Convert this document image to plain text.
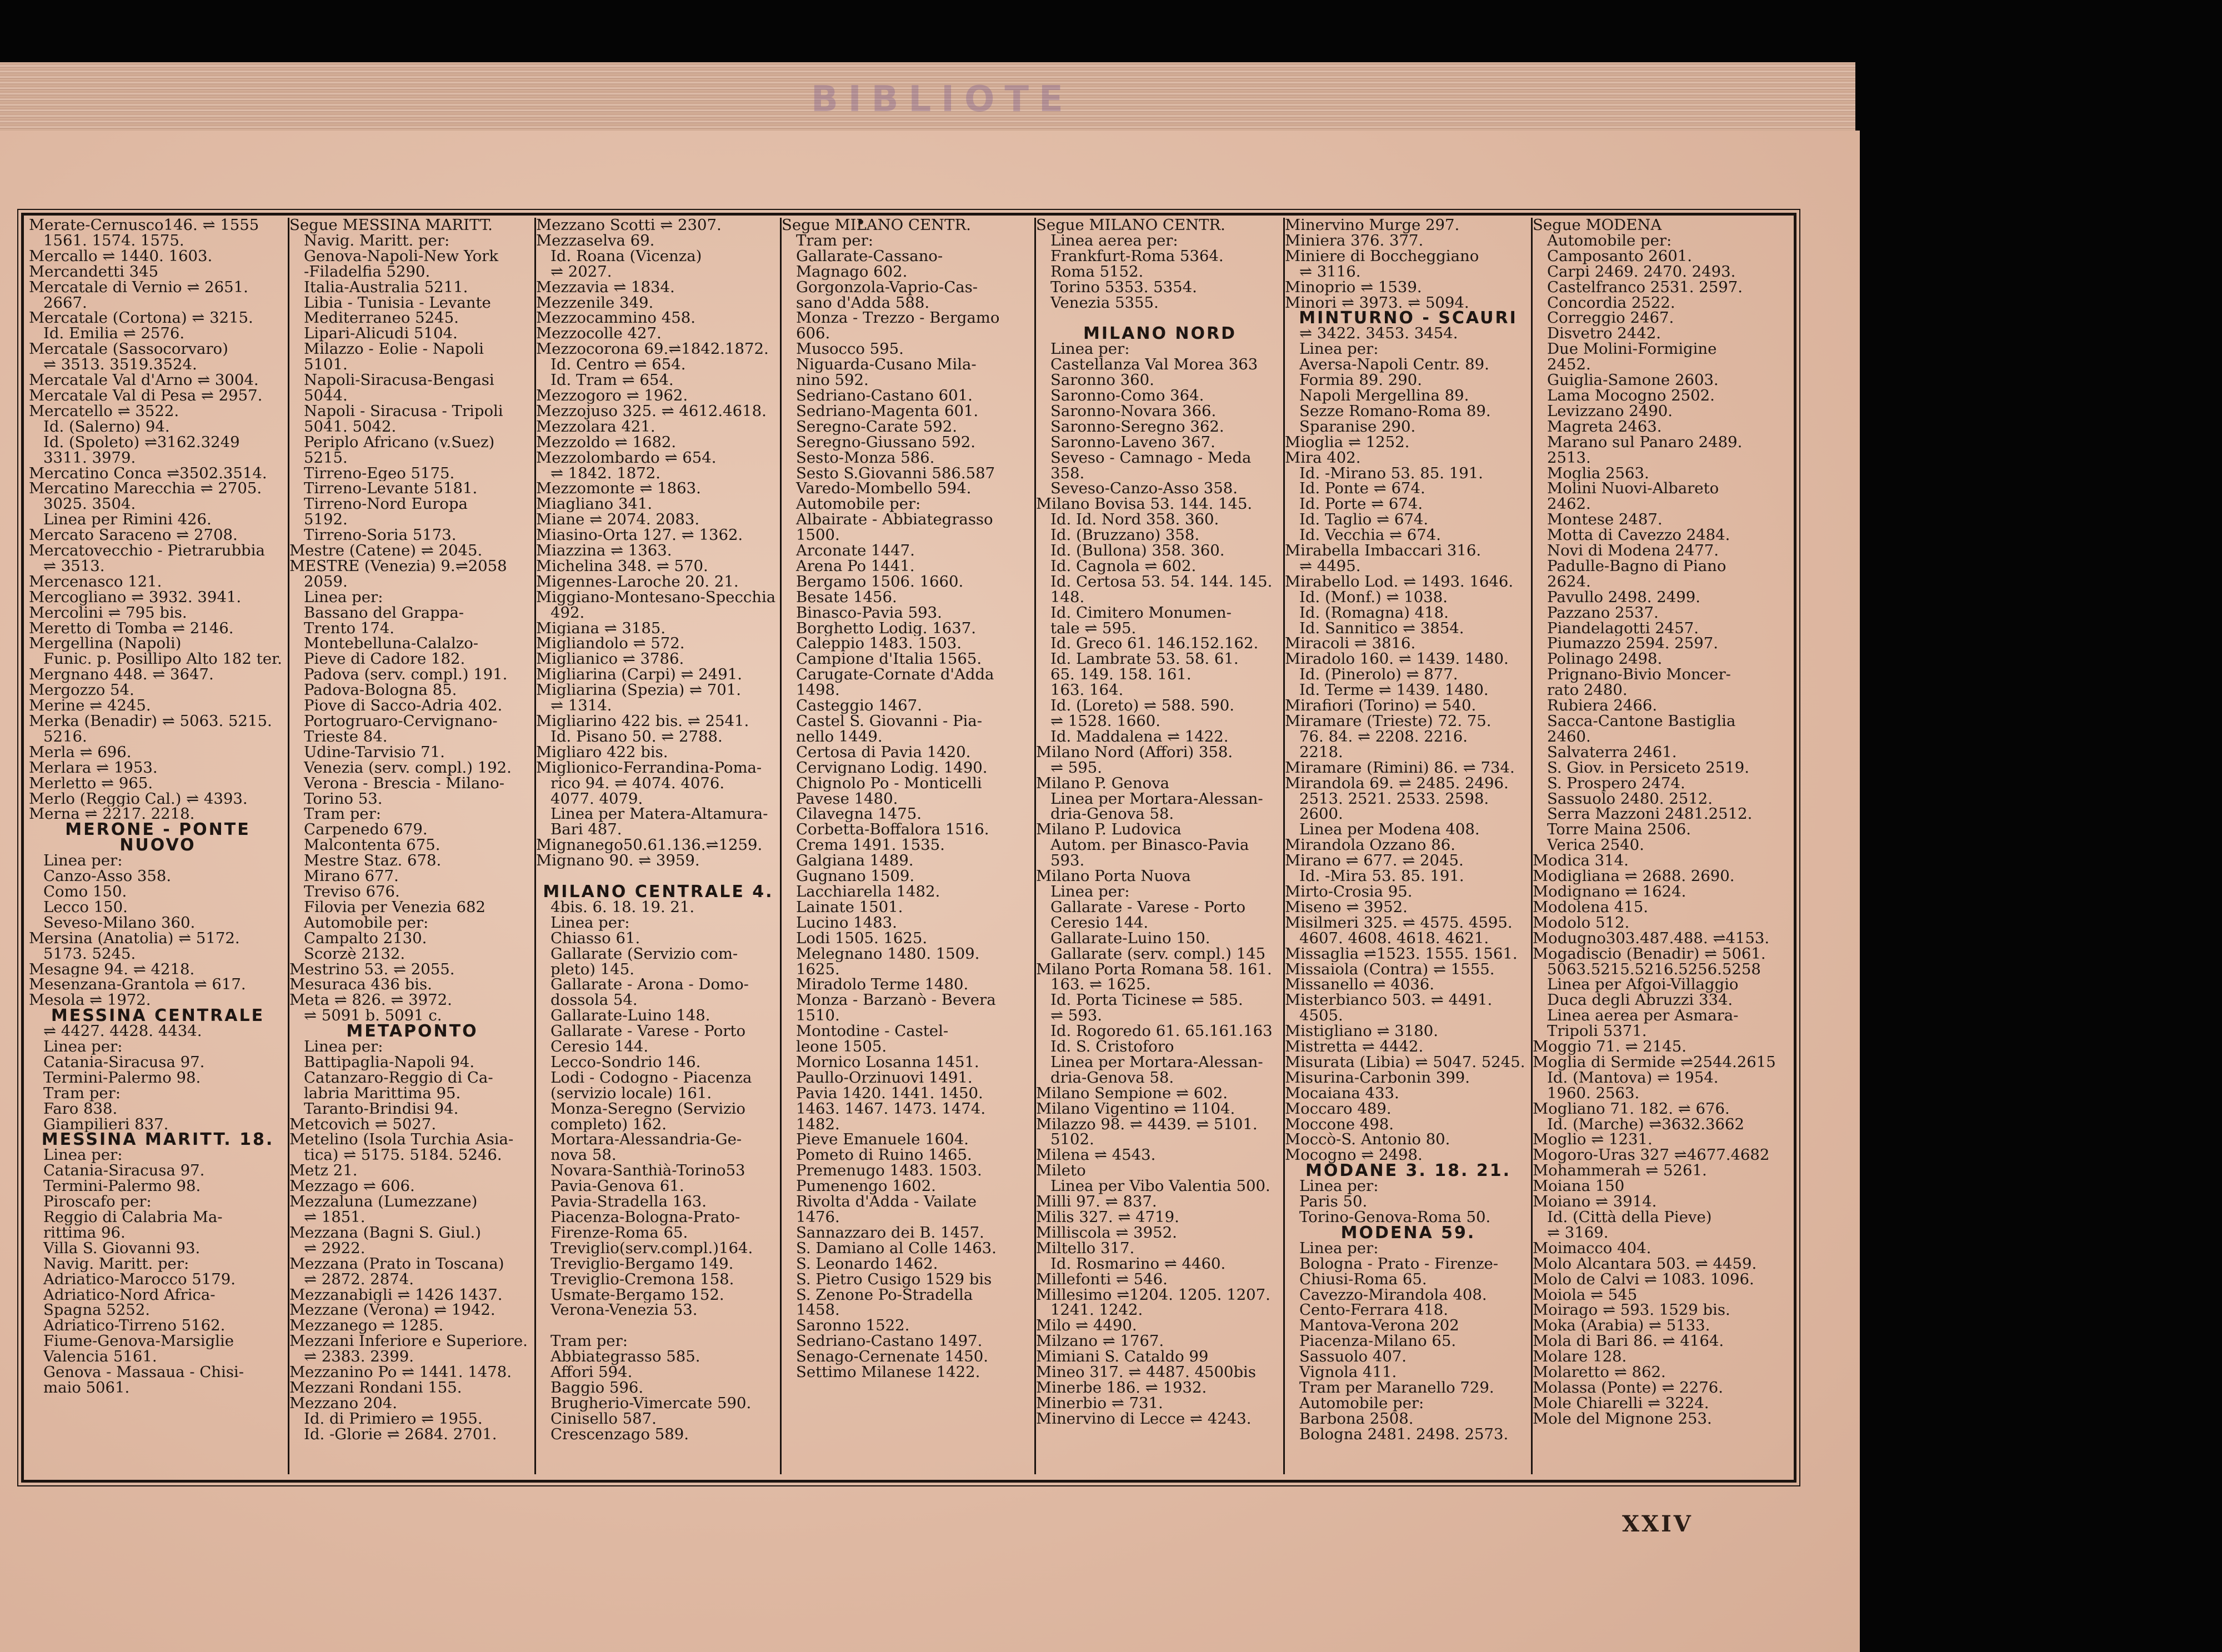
BIBLIOTE
Merate-Cernusco146. ⇌ 1555
1561. 1574. 1575.
Mercallo ⇌ 1440. 1603.
Mercandetti 345
Mercatale di Vernio ⇌ 2651.
2667.
Mercatale (Cortona) ⇌ 3215.
Id. Emilia ⇌ 2576.
Mercatale (Sassocorvaro)
⇌ 3513. 3519.3524.
Mercatale Val d'Arno ⇌ 3004.
Mercatale Val di Pesa ⇌ 2957.
Mercatello ⇌ 3522.
Id. (Salerno) 94.
Id. (Spoleto) ⇌3162.3249
3311. 3979.
Mercatino Conca ⇌3502.3514.
Mercatino Marecchia ⇌ 2705.
3025. 3504.
Linea per Rimini 426.
Mercato Saraceno ⇌ 2708.
Mercatovecchio - Pietrarubbia
⇌ 3513.
Mercenasco 121.
Mercogliano ⇌ 3932. 3941.
Mercolini ⇌ 795 bis.
Meretto di Tomba ⇌ 2146.
Mergellina (Napoli)
Funic. p. Posillipo Alto 182 ter.
Mergnano 448. ⇌ 3647.
Mergozzo 54.
Merine ⇌ 4245.
Merka (Benadir) ⇌ 5063. 5215.
5216.
Merla ⇌ 696.
Merlara ⇌ 1953.
Merletto ⇌ 965.
Merlo (Reggio Cal.) ⇌ 4393.
Merna ⇌ 2217. 2218.
MERONE - PONTE
NUOVO
Linea per:
Canzo-Asso 358.
Como 150.
Lecco 150.
Seveso-Milano 360.
Mersina (Anatolia) ⇌ 5172.
5173. 5245.
Mesagne 94. ⇌ 4218.
Mesenzana-Grantola ⇌ 617.
Mesola ⇌ 1972.
MESSINA CENTRALE
⇌ 4427. 4428. 4434.
Linea per:
Catania-Siracusa 97.
Termini-Palermo 98.
Tram per:
Faro 838.
Giampilieri 837.
MESSINA MARITT. 18.
Linea per:
Catania-Siracusa 97.
Termini-Palermo 98.
Piroscafo per:
Reggio di Calabria Ma-
rittima 96.
Villa S. Giovanni 93.
Navig. Maritt. per:
Adriatico-Marocco 5179.
Adriatico-Nord Africa-
Spagna 5252.
Adriatico-Tirreno 5162.
Fiume-Genova-Marsiglie
Valencia 5161.
Genova - Massaua - Chisi-
maio 5061.
Segue MESSINA MARITT.
Navig. Maritt. per:
Genova-Napoli-New York
-Filadelfia 5290.
Italia-Australia 5211.
Libia - Tunisia - Levante
Mediterraneo 5245.
Lipari-Alicudi 5104.
Milazzo - Eolie - Napoli
5101.
Napoli-Siracusa-Bengasi
5044.
Napoli - Siracusa - Tripoli
5041. 5042.
Periplo Africano (v.Suez)
5215.
Tirreno-Egeo 5175.
Tirreno-Levante 5181.
Tirreno-Nord Europa
5192.
Tirreno-Soria 5173.
Mestre (Catene) ⇌ 2045.
MESTRE (Venezia) 9.⇌2058
2059.
Linea per:
Bassano del Grappa-
Trento 174.
Montebelluna-Calalzo-
Pieve di Cadore 182.
Padova (serv. compl.) 191.
Padova-Bologna 85.
Piove di Sacco-Adria 402.
Portogruaro-Cervignano-
Trieste 84.
Udine-Tarvisio 71.
Venezia (serv. compl.) 192.
Verona - Brescia - Milano-
Torino 53.
Tram per:
Carpenedo 679.
Malcontenta 675.
Mestre Staz. 678.
Mirano 677.
Treviso 676.
Filovia per Venezia 682
Automobile per:
Campalto 2130.
Scorzè 2132.
Mestrino 53. ⇌ 2055.
Mesuraca 436 bis.
Meta ⇌ 826. ⇌ 3972.
⇌ 5091 b. 5091 c.
METAPONTO
Linea per:
Battipaglia-Napoli 94.
Catanzaro-Reggio di Ca-
labria Marittima 95.
Taranto-Brindisi 94.
Metcovich ⇌ 5027.
Metelino (Isola Turchia Asia-
tica) ⇌ 5175. 5184. 5246.
Metz 21.
Mezzago ⇌ 606.
Mezzaluna (Lumezzane)
⇌ 1851.
Mezzana (Bagni S. Giul.)
⇌ 2922.
Mezzana (Prato in Toscana)
⇌ 2872. 2874.
Mezzanabigli ⇌ 1426 1437.
Mezzane (Verona) ⇌ 1942.
Mezzanego ⇌ 1285.
Mezzani Inferiore e Superiore.
⇌ 2383. 2399.
Mezzanino Po ⇌ 1441. 1478.
Mezzani Rondani 155.
Mezzano 204.
Id. di Primiero ⇌ 1955.
Id. -Glorie ⇌ 2684. 2701.
Mezzano Scotti ⇌ 2307.
Mezzaselva 69.
Id. Roana (Vicenza)
⇌ 2027.
Mezzavia ⇌ 1834.
Mezzenile 349.
Mezzocammino 458.
Mezzocolle 427.
Mezzocorona 69.⇌1842.1872.
Id. Centro ⇌ 654.
Id. Tram ⇌ 654.
Mezzogoro ⇌ 1962.
Mezzojuso 325. ⇌ 4612.4618.
Mezzolara 421.
Mezzoldo ⇌ 1682.
Mezzolombardo ⇌ 654.
⇌ 1842. 1872.
Mezzomonte ⇌ 1863.
Miagliano 341.
Miane ⇌ 2074. 2083.
Miasino-Orta 127. ⇌ 1362.
Miazzina ⇌ 1363.
Michelina 348. ⇌ 570.
Migennes-Laroche 20. 21.
Miggiano-Montesano-Specchia
492.
Migiana ⇌ 3185.
Migliandolo ⇌ 572.
Miglianico ⇌ 3786.
Migliarina (Carpi) ⇌ 2491.
Migliarina (Spezia) ⇌ 701.
⇌ 1314.
Migliarino 422 bis. ⇌ 2541.
Id. Pisano 50. ⇌ 2788.
Migliaro 422 bis.
Miglionico-Ferrandina-Poma-
rico 94. ⇌ 4074. 4076.
4077. 4079.
Linea per Matera-Altamura-
Bari 487.
Mignanego50.61.136.⇌1259.
Mignano 90. ⇌ 3959.

MILANO CENTRALE 4.
4bis. 6. 18. 19. 21.
Linea per:
Chiasso 61.
Gallarate (Servizio com-
pleto) 145.
Gallarate - Arona - Domo-
dossola 54.
Gallarate-Luino 148.
Gallarate - Varese - Porto
Ceresio 144.
Lecco-Sondrio 146.
Lodi - Codogno - Piacenza
(servizio locale) 161.
Monza-Seregno (Servizio
completo) 162.
Mortara-Alessandria-Ge-
nova 58.
Novara-Santhià-Torino53
Pavia-Genova 61.
Pavia-Stradella 163.
Piacenza-Bologna-Prato-
Firenze-Roma 65.
Treviglio(serv.compl.)164.
Treviglio-Bergamo 149.
Treviglio-Cremona 158.
Usmate-Bergamo 152.
Verona-Venezia 53.

Tram per:
Abbiategrasso 585.
Affori 594.
Baggio 596.
Brugherio-Vimercate 590.
Cinisello 587.
Crescenzago 589.
Segue MILANO CENTR.
Tram per:
Gallarate-Cassano-
Magnago 602.
Gorgonzola-Vaprio-Cas-
sano d'Adda 588.
Monza - Trezzo - Bergamo
606.
Musocco 595.
Niguarda-Cusano Mila-
nino 592.
Sedriano-Castano 601.
Sedriano-Magenta 601.
Seregno-Carate 592.
Seregno-Giussano 592.
Sesto-Monza 586.
Sesto S.Giovanni 586.587
Varedo-Mombello 594.
Automobile per:
Albairate - Abbiategrasso
1500.
Arconate 1447.
Arena Po 1441.
Bergamo 1506. 1660.
Besate 1456.
Binasco-Pavia 593.
Borghetto Lodig. 1637.
Caleppio 1483. 1503.
Campione d'Italia 1565.
Carugate-Cornate d'Adda
1498.
Casteggio 1467.
Castel S. Giovanni - Pia-
nello 1449.
Certosa di Pavia 1420.
Cervignano Lodig. 1490.
Chignolo Po - Monticelli
Pavese 1480.
Cilavegna 1475.
Corbetta-Boffalora 1516.
Crema 1491. 1535.
Galgiana 1489.
Gugnano 1509.
Lacchiarella 1482.
Lainate 1501.
Lucino 1483.
Lodi 1505. 1625.
Melegnano 1480. 1509.
1625.
Miradolo Terme 1480.
Monza - Barzanò - Bevera
1510.
Montodine - Castel-
leone 1505.
Mornico Losanna 1451.
Paullo-Orzinuovi 1491.
Pavia 1420. 1441. 1450.
1463. 1467. 1473. 1474.
1482.
Pieve Emanuele 1604.
Pometo di Ruino 1465.
Premenugo 1483. 1503.
Pumenengo 1602.
Rivolta d'Adda - Vailate
1476.
Sannazzaro dei B. 1457.
S. Damiano al Colle 1463.
S. Leonardo 1462.
S. Pietro Cusigo 1529 bis
S. Zenone Po-Stradella
1458.
Saronno 1522.
Sedriano-Castano 1497.
Senago-Cernenate 1450.
Settimo Milanese 1422.
Segue MILANO CENTR.
Linea aerea per:
Frankfurt-Roma 5364.
Roma 5152.
Torino 5353. 5354.
Venezia 5355.

MILANO NORD
Linea per:
Castellanza Val Morea 363
Saronno 360.
Saronno-Como 364.
Saronno-Novara 366.
Saronno-Seregno 362.
Saronno-Laveno 367.
Seveso - Camnago - Meda
358.
Seveso-Canzo-Asso 358.
Milano Bovisa 53. 144. 145.
Id. Id. Nord 358. 360.
Id. (Bruzzano) 358.
Id. (Bullona) 358. 360.
Id. Cagnola ⇌ 602.
Id. Certosa 53. 54. 144. 145.
148.
Id. Cimitero Monumen-
tale ⇌ 595.
Id. Greco 61. 146.152.162.
Id. Lambrate 53. 58. 61.
65. 149. 158. 161.
163. 164.
Id. (Loreto) ⇌ 588. 590.
⇌ 1528. 1660.
Id. Maddalena ⇌ 1422.
Milano Nord (Affori) 358.
⇌ 595.
Milano P. Genova
Linea per Mortara-Alessan-
dria-Genova 58.
Milano P. Ludovica
Autom. per Binasco-Pavia
593.
Milano Porta Nuova
Linea per:
Gallarate - Varese - Porto
Ceresio 144.
Gallarate-Luino 150.
Gallarate (serv. compl.) 145
Milano Porta Romana 58. 161.
163. ⇌ 1625.
Id. Porta Ticinese ⇌ 585.
⇌ 593.
Id. Rogoredo 61. 65.161.163
Id. S. Cristoforo
Linea per Mortara-Alessan-
dria-Genova 58.
Milano Sempione ⇌ 602.
Milano Vigentino ⇌ 1104.
Milazzo 98. ⇌ 4439. ⇌ 5101.
5102.
Milena ⇌ 4543.
Mileto
Linea per Vibo Valentia 500.
Milli 97. ⇌ 837.
Milis 327. ⇌ 4719.
Milliscola ⇌ 3952.
Miltello 317.
Id. Rosmarino ⇌ 4460.
Millefonti ⇌ 546.
Millesimo ⇌1204. 1205. 1207.
1241. 1242.
Milo ⇌ 4490.
Milzano ⇌ 1767.
Mimiani S. Cataldo 99
Mineo 317. ⇌ 4487. 4500bis
Minerbe 186. ⇌ 1932.
Minerbio ⇌ 731.
Minervino di Lecce ⇌ 4243.
Minervino Murge 297.
Miniera 376. 377.
Miniere di Boccheggiano
⇌ 3116.
Minoprio ⇌ 1539.
Minori ⇌ 3973. ⇌ 5094.
MINTURNO - SCAURI
⇌ 3422. 3453. 3454.
Linea per:
Aversa-Napoli Centr. 89.
Formia 89. 290.
Napoli Mergellina 89.
Sezze Romano-Roma 89.
Sparanise 290.
Mioglia ⇌ 1252.
Mira 402.
Id. -Mirano 53. 85. 191.
Id. Ponte ⇌ 674.
Id. Porte ⇌ 674.
Id. Taglio ⇌ 674.
Id. Vecchia ⇌ 674.
Mirabella Imbaccari 316.
⇌ 4495.
Mirabello Lod. ⇌ 1493. 1646.
Id. (Monf.) ⇌ 1038.
Id. (Romagna) 418.
Id. Sannitico ⇌ 3854.
Miracoli ⇌ 3816.
Miradolo 160. ⇌ 1439. 1480.
Id. (Pinerolo) ⇌ 877.
Id. Terme ⇌ 1439. 1480.
Mirafiori (Torino) ⇌ 540.
Miramare (Trieste) 72. 75.
76. 84. ⇌ 2208. 2216.
2218.
Miramare (Rimini) 86. ⇌ 734.
Mirandola 69. ⇌ 2485. 2496.
2513. 2521. 2533. 2598.
2600.
Linea per Modena 408.
Mirandola Ozzano 86.
Mirano ⇌ 677. ⇌ 2045.
Id. -Mira 53. 85. 191.
Mirto-Crosia 95.
Miseno ⇌ 3952.
Misilmeri 325. ⇌ 4575. 4595.
4607. 4608. 4618. 4621.
Missaglia ⇌1523. 1555. 1561.
Missaiola (Contra) ⇌ 1555.
Missanello ⇌ 4036.
Misterbianco 503. ⇌ 4491.
4505.
Mistigliano ⇌ 3180.
Mistretta ⇌ 4442.
Misurata (Libia) ⇌ 5047. 5245.
Misurina-Carbonin 399.
Mocaiana 433.
Moccaro 489.
Moccone 498.
Moccò-S. Antonio 80.
Mocogno ⇌ 2498.
MODANE 3. 18. 21.
Linea per:
Paris 50.
Torino-Genova-Roma 50.
MODENA 59.
Linea per:
Bologna - Prato - Firenze-
Chiusi-Roma 65.
Cavezzo-Mirandola 408.
Cento-Ferrara 418.
Mantova-Verona 202
Piacenza-Milano 65.
Sassuolo 407.
Vignola 411.
Tram per Maranello 729.
Automobile per:
Barbona 2508.
Bologna 2481. 2498. 2573.
Segue MODENA
Automobile per:
Camposanto 2601.
Carpi 2469. 2470. 2493.
Castelfranco 2531. 2597.
Concordia 2522.
Correggio 2467.
Disvetro 2442.
Due Molini-Formigine
2452.
Guiglia-Samone 2603.
Lama Mocogno 2502.
Levizzano 2490.
Magreta 2463.
Marano sul Panaro 2489.
2513.
Moglia 2563.
Molini Nuovi-Albareto
2462.
Montese 2487.
Motta di Cavezzo 2484.
Novi di Modena 2477.
Padulle-Bagno di Piano
2624.
Pavullo 2498. 2499.
Pazzano 2537.
Piandelagotti 2457.
Piumazzo 2594. 2597.
Polinago 2498.
Prignano-Bivio Moncer-
rato 2480.
Rubiera 2466.
Sacca-Cantone Bastiglia
2460.
Salvaterra 2461.
S. Giov. in Persiceto 2519.
S. Prospero 2474.
Sassuolo 2480. 2512.
Serra Mazzoni 2481.2512.
Torre Maina 2506.
Verica 2540.
Modica 314.
Modigliana ⇌ 2688. 2690.
Modignano ⇌ 1624.
Modolena 415.
Modolo 512.
Modugno303.487.488. ⇌4153.
Mogadiscio (Benadir) ⇌ 5061.
5063.5215.5216.5256.5258
Linea per Afgoi-Villaggio
Duca degli Abruzzi 334.
Linea aerea per Asmara-
Tripoli 5371.
Moggio 71. ⇌ 2145.
Moglia di Sermide ⇌2544.2615
Id. (Mantova) ⇌ 1954.
1960. 2563.
Mogliano 71. 182. ⇌ 676.
Id. (Marche) ⇌3632.3662
Moglio ⇌ 1231.
Mogoro-Uras 327 ⇌4677.4682
Mohammerah ⇌ 5261.
Moiana 150
Moiano ⇌ 3914.
Id. (Città della Pieve)
⇌ 3169.
Moimacco 404.
Molo Alcantara 503. ⇌ 4459.
Molo de Calvi ⇌ 1083. 1096.
Moiola ⇌ 545
Moirago ⇌ 593. 1529 bis.
Moka (Arabia) ⇌ 5133.
Mola di Bari 86. ⇌ 4164.
Molare 128.
Molaretto ⇌ 862.
Molassa (Ponte) ⇌ 2276.
Mole Chiarelli ⇌ 3224.
Mole del Mignone 253.
XXIV
